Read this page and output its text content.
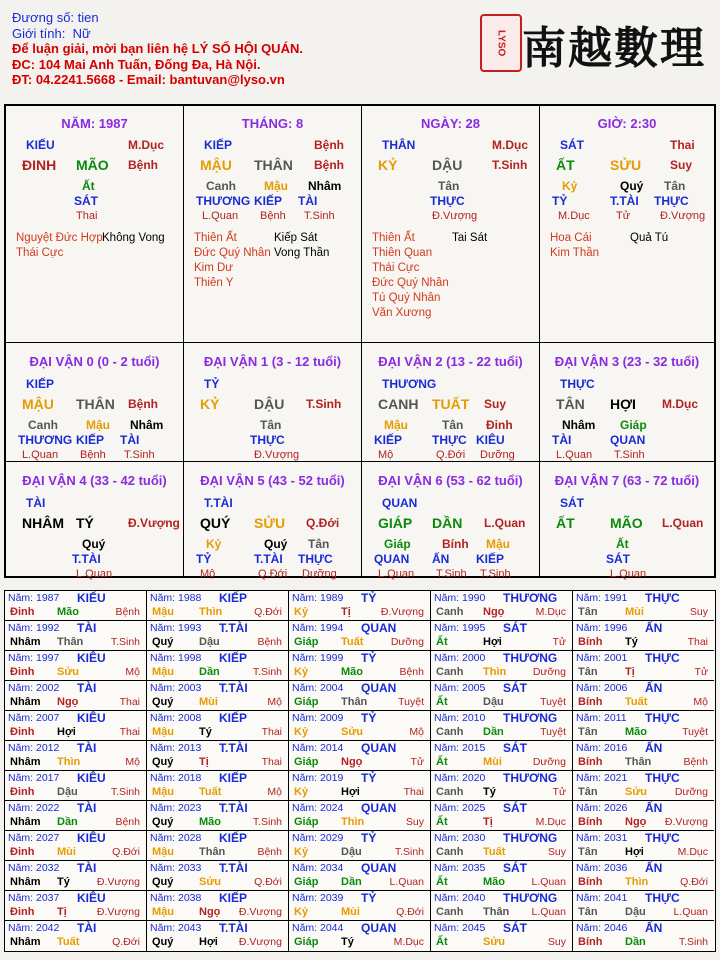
Đương số: tien
Giới tính: Nữ
Để luận giải, mời bạn liên hệ LÝ SỐ HỘI QUÁN.
ĐC: 104 Mai Anh Tuấn, Đống Đa, Hà Nội.
ĐT: 04.2241.5668 - Email: bantuvan@lyso.vn
LYSO 南越數理
NĂM: 1987
KIẾU	M.Dục
ĐINH MÃO Bệnh
Ất
SÁT
Thai
Nguyệt Đức Hợp
Thái Cực
Không Vong
THÁNG: 8
KIẾP	Bệnh
MẬU THÂN Bệnh
Canh
THƯƠNG
L.Quan
Mậu
KIẾP
Bệnh
Nhâm
TÀI
T.Sinh
Thiên Ất
Đức Quý Nhân
Kim Dư
Thiên Y
Kiếp Sát
Vong Thần
NGÀY: 28
THÂN	M.Dục
KỶ DẬU T.Sinh
Tân
THỰC
Đ.Vượng
Thiên Ất
Thiên Quan
Thái Cực
Đức Quý Nhân
Tú Quý Nhân
Văn Xương
Tai Sát
GIỜ: 2:30
SÁT	Thai
ẤT	SỬU Suy
Kỷ
TỶ
M.Dục
Quý
T.TÀI
Tử
Tân
THỰC
Đ.Vượng
Hoa Cái
Kim Thần
Quả Tú
ĐẠI VẬN 0 (0 - 2 tuổi)
KIẾP
MẬU THÂN Bệnh
Canh
THƯƠNG
L.Quan
Mậu
KIẾP
Bệnh
Nhâm
TÀI
T.Sinh
ĐẠI VẬN 1 (3 - 12 tuổi)
TỶ
KỶ DẬU T.Sinh
Tân
THỰC
Đ.Vượng
ĐẠI VẬN 2 (13 - 22 tuổi)
THƯƠNG
CANH TUẤT Suy
Mậu
KIẾP
Mộ
Tân
THỰC
Q.Đới
Đinh
KIÊU
Dưỡng
ĐẠI VẬN 3 (23 - 32 tuổi)
THỰC
TÂN HỢI M.Dục
Nhâm
TÀI
L.Quan
Giáp
QUAN
T.Sinh
ĐẠI VẬN 4 (33 - 42 tuổi)
TÀI
NHÂM TÝ	Đ.Vượng
Quý
T.TÀI
L.Quan
ĐẠI VẬN 5 (43 - 52 tuổi)
T.TÀI
QUÝ SỬU Q.Đới
Kỷ
TỶ
Mộ
Quý
T.TÀI
Q.Đới
Tân
THỰC
Dưỡng
ĐẠI VẬN 6 (53 - 62 tuổi)
QUAN
GIÁP DẦN L.Quan
Giáp
QUAN
L.Quan
Bính
ẤN
T.Sinh
Mậu
KIẾP
T.Sinh
ĐẠI VẬN 7 (63 - 72 tuổi)
SÁT
ẤT	MÃO L.Quan
Ất
SÁT
L.Quan
Năm: 1987 KIẾU
Đinh Mão	Bệnh
Năm: 1988 KIẾP
Mậu Thìn	Q.Đới
Năm: 1989 TỶ
Kỷ	Tị	Đ.Vượng
Năm: 1990 THƯƠNG
Canh Ngọ	M.Dục
Năm: 1991 THỰC
Tân Mùi	Suy
Năm: 1992 TÀI
Nhâm Thân	T.Sinh
Năm: 1993 T.TÀI
Quý Dậu	Bệnh
Năm: 1994 QUAN
Giáp Tuất	Dưỡng
Năm: 1995 SÁT
Ất	Hợi	Tử
Năm: 1996 ẤN
Bính Tý	Thai
Năm: 1997 KIÊU
Đinh Sửu	Mộ
Năm: 1998 KIẾP
Mậu Dần	T.Sinh
Năm: 1999 TỶ
Kỷ	Mão	Bệnh
Năm: 2000 THƯƠNG
Canh Thìn	Dưỡng
Năm: 2001 THỰC
Tân Tị	Tử
Năm: 2002 TÀI
Nhâm Ngọ	Thai
Năm: 2003 T.TÀI
Quý Mùi	Mộ
Năm: 2004 QUAN
Giáp Thân	Tuyệt
Năm: 2005 SÁT
Ất	Dậu	Tuyệt
Năm: 2006 ẤN
Bính Tuất	Mộ
Năm: 2007 KIÊU
Đinh Hợi	Thai
Năm: 2008 KIẾP
Mậu Tý	Thai
Năm: 2009 TỶ
Kỷ	Sửu	Mộ
Năm: 2010 THƯƠNG
Canh Dần	Tuyệt
Năm: 2011 THỰC
Tân Mão	Tuyệt
Năm: 2012 TÀI
Nhâm Thìn	Mộ
Năm: 2013 T.TÀI
Quý Tị	Thai
Năm: 2014 QUAN
Giáp Ngọ	Tử
Năm: 2015 SÁT
Ất	Mùi	Dưỡng
Năm: 2016 ẤN
Bính Thân	Bệnh
Năm: 2017 KIÊU
Đinh Dậu	T.Sinh
Năm: 2018 KIẾP
Mậu Tuất	Mộ
Năm: 2019 TỶ
Kỷ	Hợi	Thai
Năm: 2020 THƯƠNG
Canh Tý	Tử
Năm: 2021 THỰC
Tân Sửu	Dưỡng
Năm: 2022 TÀI
Nhâm Dần	Bệnh
Năm: 2023 T.TÀI
Quý Mão	T.Sinh
Năm: 2024 QUAN
Giáp Thìn	Suy
Năm: 2025 SÁT
Ất	Tị	M.Dục
Năm: 2026 ẤN
Bính Ngọ Đ.Vượng
Năm: 2027 KIÊU
Đinh Mùi	Q.Đới
Năm: 2028 KIẾP
Mậu Thân	Bệnh
Năm: 2029 TỶ
Kỷ	Dậu	T.Sinh
Năm: 2030 THƯƠNG
Canh Tuất	Suy
Năm: 2031 THỰC
Tân Hợi	M.Dục
Năm: 2032 TÀI
Nhâm Tý	Đ.Vượng
Năm: 2033 T.TÀI
Quý Sửu	Q.Đới
Năm: 2034 QUAN
Giáp Dần	L.Quan
Năm: 2035 SÁT
Ất	Mão	L.Quan
Năm: 2036 ẤN
Bính Thìn	Q.Đới
Năm: 2037 KIÊU
Đinh Tị	Đ.Vượng
Năm: 2038 KIẾP
Mậu Ngọ Đ.Vượng
Năm: 2039 TỶ
Kỷ	Mùi	Q.Đới
Năm: 2040 THƯƠNG
Canh Thân L.Quan
Năm: 2041 THỰC
Tân Dậu	L.Quan
Năm: 2042 TÀI
Nhâm Tuất	Q.Đới
Năm: 2043 T.TÀI
Quý Hợi Đ.Vượng
Năm: 2044 QUAN
Giáp Tý	M.Dục
Năm: 2045 SÁT
Ất	Sửu	Suy
Năm: 2046 ẤN
Bính Dần	T.Sinh
